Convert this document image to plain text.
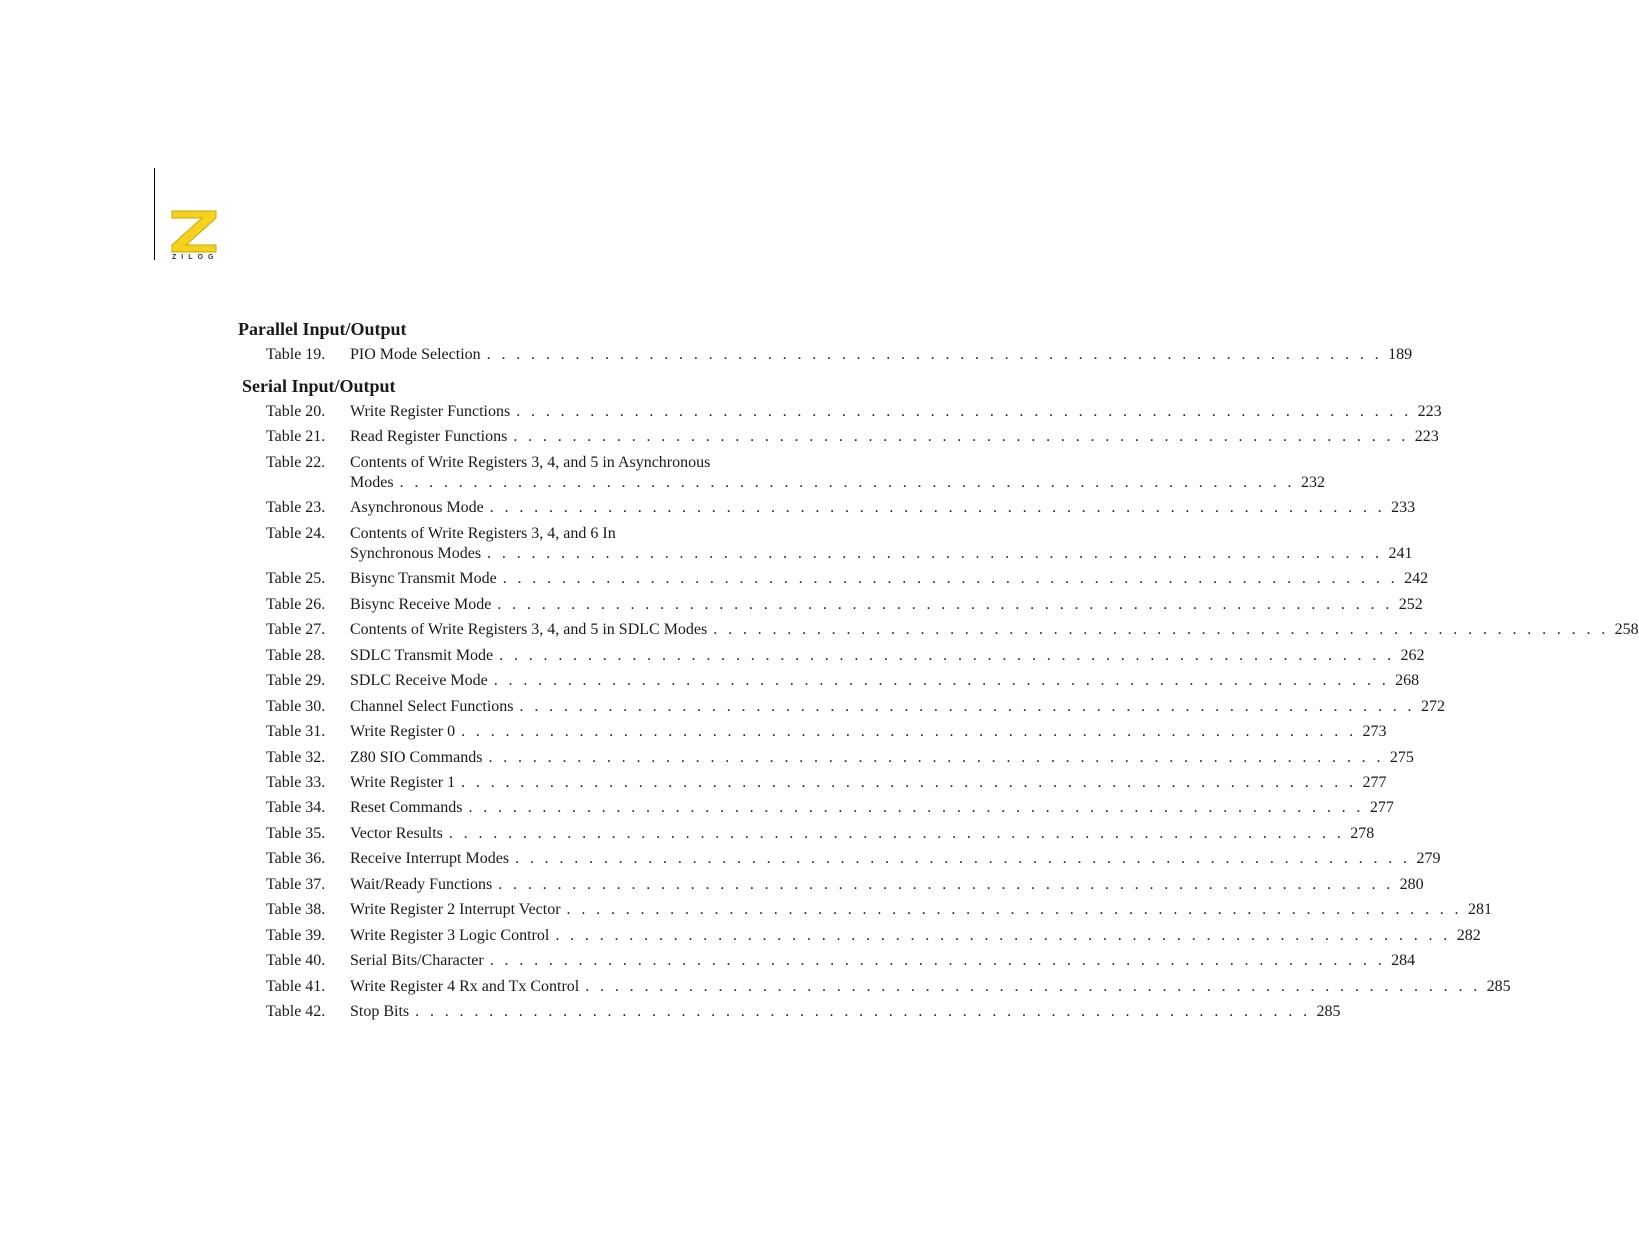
ZILOG
Parallel Input/Output
Table 19. PIO Mode Selection . . . . . . . . . . . . . . . . . . . . . . . . . . . . . . . . . . . . . . . . . . . . . . . . . . . . . . . . . . . . . 189
Serial Input/Output
Table 20. Write Register Functions . . . . . . . . . . . . . . . . . . . . . . . . . . . . . . . . . . . . . . . . . . . . . . . . . . . . . . . . . . . . . 223
Table 21. Read Register Functions . . . . . . . . . . . . . . . . . . . . . . . . . . . . . . . . . . . . . . . . . . . . . . . . . . . . . . . . . . . . . 223
Table 22. Contents of Write Registers 3, 4, and 5 in Asynchronous
Modes . . . . . . . . . . . . . . . . . . . . . . . . . . . . . . . . . . . . . . . . . . . . . . . . . . . . . . . . . . . . . 232
Table 23. Asynchronous Mode . . . . . . . . . . . . . . . . . . . . . . . . . . . . . . . . . . . . . . . . . . . . . . . . . . . . . . . . . . . . . 233
Table 24. Contents of Write Registers 3, 4, and 6 In
Synchronous Modes . . . . . . . . . . . . . . . . . . . . . . . . . . . . . . . . . . . . . . . . . . . . . . . . . . . . . . . . . . . . . 241
Table 25. Bisync Transmit Mode . . . . . . . . . . . . . . . . . . . . . . . . . . . . . . . . . . . . . . . . . . . . . . . . . . . . . . . . . . . . . 242
Table 26. Bisync Receive Mode . . . . . . . . . . . . . . . . . . . . . . . . . . . . . . . . . . . . . . . . . . . . . . . . . . . . . . . . . . . . . 252
Table 27. Contents of Write Registers 3, 4, and 5 in SDLC Modes . . . . . . . . . . . . . . . . . . . . . . . . . . . . . . . . . . . . . . . . . . . . . . . . . . . . . . . . . . . . . 258
Table 28. SDLC Transmit Mode . . . . . . . . . . . . . . . . . . . . . . . . . . . . . . . . . . . . . . . . . . . . . . . . . . . . . . . . . . . . . 262
Table 29. SDLC Receive Mode . . . . . . . . . . . . . . . . . . . . . . . . . . . . . . . . . . . . . . . . . . . . . . . . . . . . . . . . . . . . . 268
Table 30. Channel Select Functions . . . . . . . . . . . . . . . . . . . . . . . . . . . . . . . . . . . . . . . . . . . . . . . . . . . . . . . . . . . . . 272
Table 31. Write Register 0 . . . . . . . . . . . . . . . . . . . . . . . . . . . . . . . . . . . . . . . . . . . . . . . . . . . . . . . . . . . . . 273
Table 32. Z80 SIO Commands . . . . . . . . . . . . . . . . . . . . . . . . . . . . . . . . . . . . . . . . . . . . . . . . . . . . . . . . . . . . . 275
Table 33. Write Register 1 . . . . . . . . . . . . . . . . . . . . . . . . . . . . . . . . . . . . . . . . . . . . . . . . . . . . . . . . . . . . . 277
Table 34. Reset Commands . . . . . . . . . . . . . . . . . . . . . . . . . . . . . . . . . . . . . . . . . . . . . . . . . . . . . . . . . . . . . 277
Table 35. Vector Results . . . . . . . . . . . . . . . . . . . . . . . . . . . . . . . . . . . . . . . . . . . . . . . . . . . . . . . . . . . . . 278
Table 36. Receive Interrupt Modes . . . . . . . . . . . . . . . . . . . . . . . . . . . . . . . . . . . . . . . . . . . . . . . . . . . . . . . . . . . . . 279
Table 37. Wait/Ready Functions . . . . . . . . . . . . . . . . . . . . . . . . . . . . . . . . . . . . . . . . . . . . . . . . . . . . . . . . . . . . . 280
Table 38. Write Register 2 Interrupt Vector . . . . . . . . . . . . . . . . . . . . . . . . . . . . . . . . . . . . . . . . . . . . . . . . . . . . . . . . . . . . . 281
Table 39. Write Register 3 Logic Control . . . . . . . . . . . . . . . . . . . . . . . . . . . . . . . . . . . . . . . . . . . . . . . . . . . . . . . . . . . . . 282
Table 40. Serial Bits/Character . . . . . . . . . . . . . . . . . . . . . . . . . . . . . . . . . . . . . . . . . . . . . . . . . . . . . . . . . . . . . 284
Table 41. Write Register 4 Rx and Tx Control . . . . . . . . . . . . . . . . . . . . . . . . . . . . . . . . . . . . . . . . . . . . . . . . . . . . . . . . . . . . . 285
Table 42. Stop Bits . . . . . . . . . . . . . . . . . . . . . . . . . . . . . . . . . . . . . . . . . . . . . . . . . . . . . . . . . . . . . 285
